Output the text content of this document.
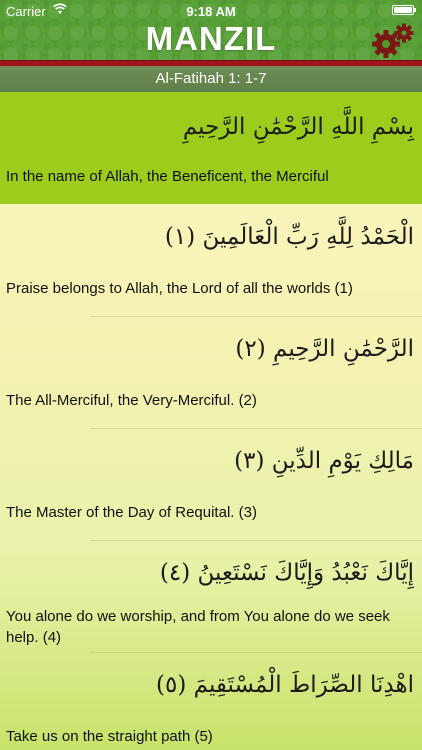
Carrier	9:18 AM
MANZIL
Al-Fatihah 1: 1-7
بِسْمِ اللَّهِ الرَّحْمَٰنِ الرَّحِيمِ
In the name of Allah, the Beneficent, the Merciful
الْحَمْدُ لِلَّهِ رَبِّ الْعَالَمِينَ (١)
Praise belongs to Allah, the Lord of all the worlds (1)
الرَّحْمَٰنِ الرَّحِيمِ (٢)
The All-Merciful, the Very-Merciful. (2)
مَالِكِ يَوْمِ الدِّينِ (٣)
The Master of the Day of Requital. (3)
إِيَّاكَ نَعْبُدُ وَإِيَّاكَ نَسْتَعِينُ (٤)
You alone do we worship, and from You alone do we seek help. (4)
اهْدِنَا الصِّرَاطَ الْمُسْتَقِيمَ (٥)
Take us on the straight path (5)
